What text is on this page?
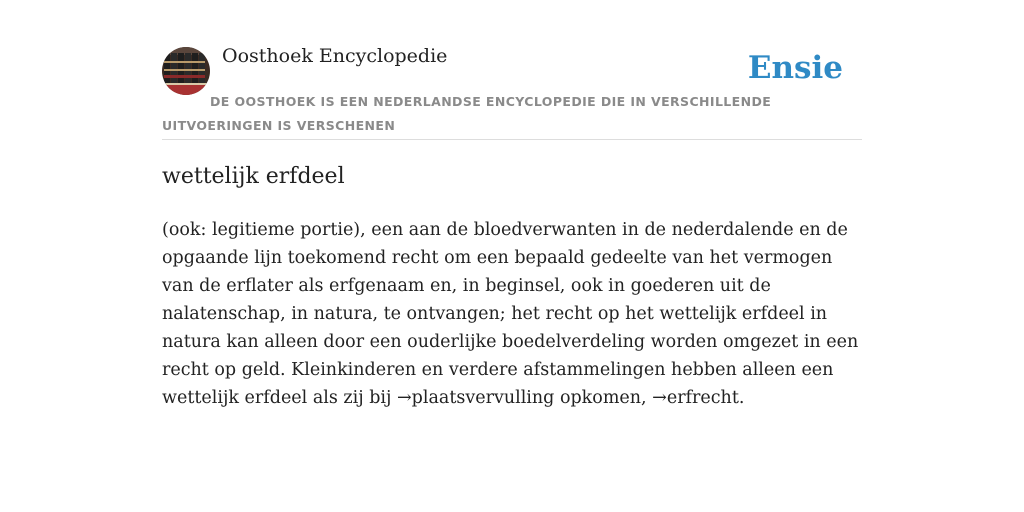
Oosthoek Encyclopedie	Ensie
DE OOSTHOEK IS EEN NEDERLANDSE ENCYCLOPEDIE DIE IN VERSCHILLENDE UITVOERINGEN IS VERSCHENEN
wettelijk erfdeel

(ook: legitieme portie), een aan de bloedverwanten in de nederdalende en de opgaande lijn toekomend recht om een bepaald gedeelte van het vermogen van de erflater als erfgenaam en, in beginsel, ook in goederen uit de nalatenschap, in natura, te ontvangen; het recht op het wettelijk erfdeel in natura kan alleen door een ouderlijke boedelverdeling worden omgezet in een recht op geld. Kleinkinderen en verdere afstammelingen hebben alleen een wettelijk erfdeel als zij bij →plaatsvervulling opkomen, →erfrecht.
